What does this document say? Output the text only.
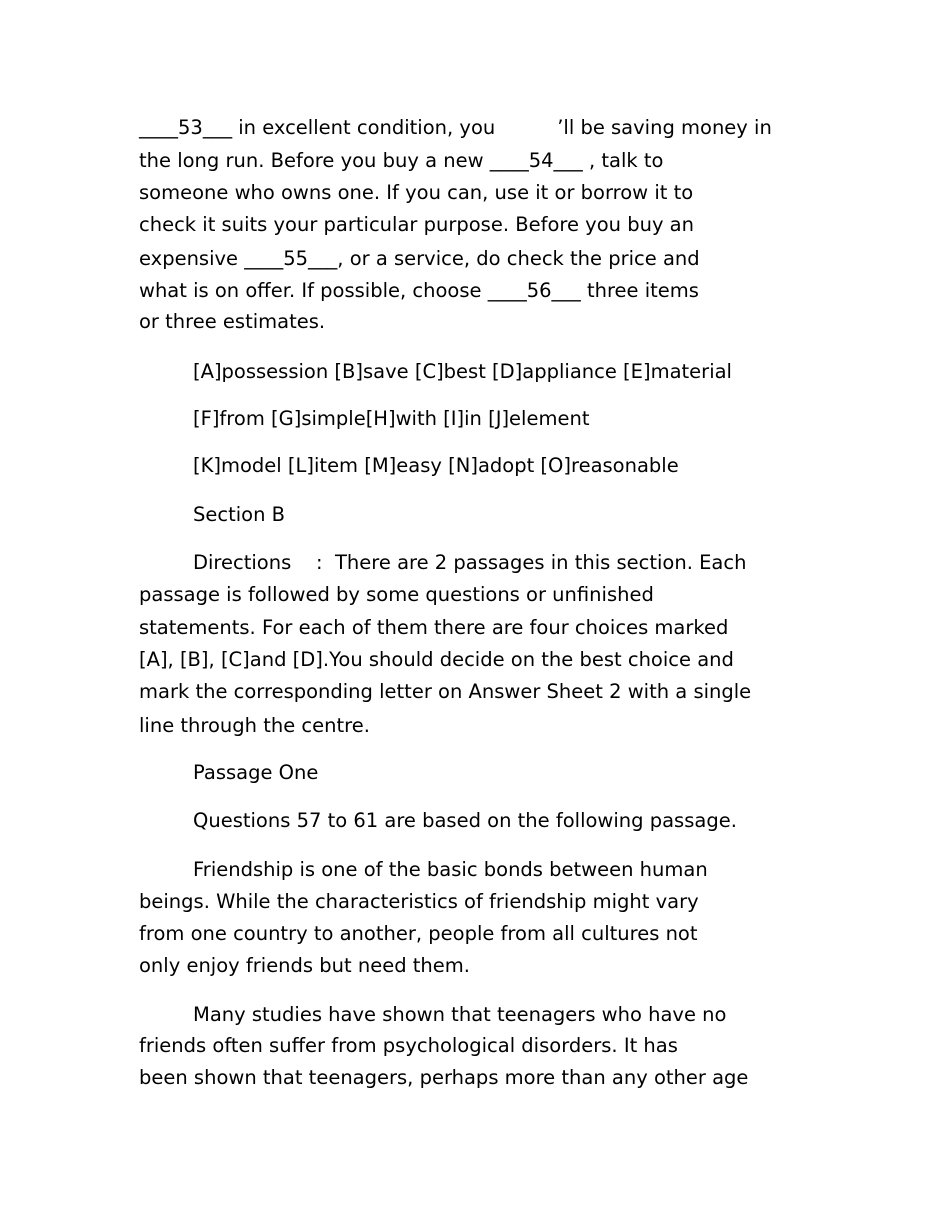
____53___ in excellent condition, you          ’ll be saving money in

the long run. Before you buy a new ____54___ , talk to

someone who owns one. If you can, use it or borrow it to

check it suits your particular purpose. Before you buy an

expensive ____55___, or a service, do check the price and

what is on offer. If possible, choose ____56___ three items

or three estimates.

[A]possession [B]save [C]best [D]appliance [E]material

[F]from [G]simple[H]with [I]in [J]element

[K]model [L]item [M]easy [N]adopt [O]reasonable

Section B

Directions    :  There are 2 passages in this section. Each

passage is followed by some questions or unfinished

statements. For each of them there are four choices marked

[A], [B], [C]and [D].You should decide on the best choice and

mark the corresponding letter on Answer Sheet 2 with a single

line through the centre.

Passage One

Questions 57 to 61 are based on the following passage.

Friendship is one of the basic bonds between human

beings. While the characteristics of friendship might vary

from one country to another, people from all cultures not

only enjoy friends but need them.

Many studies have shown that teenagers who have no

friends often suffer from psychological disorders. It has

been shown that teenagers, perhaps more than any other age
